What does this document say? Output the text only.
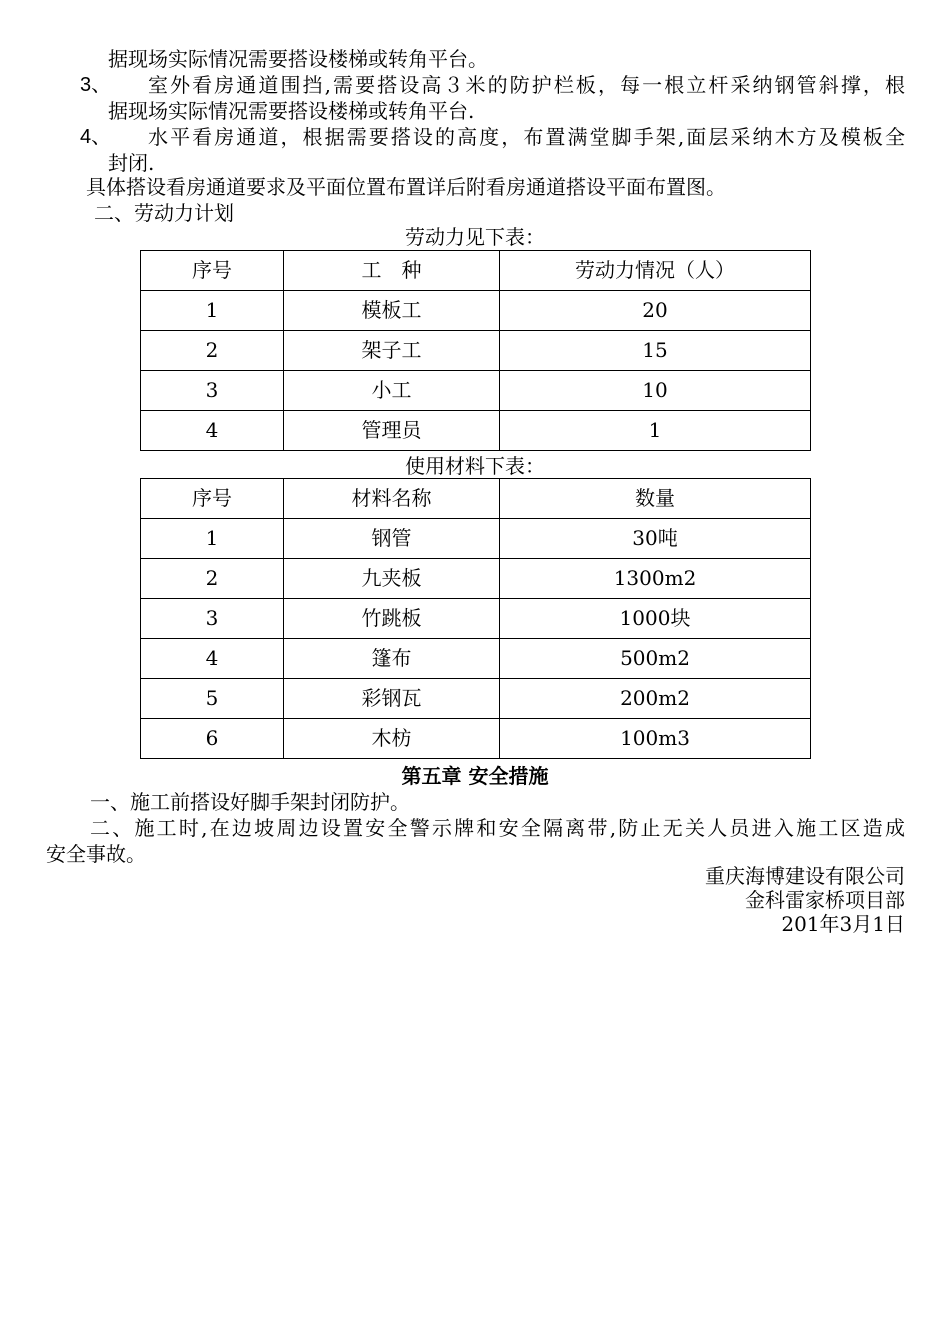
据现场实际情况需要搭设楼梯或转角平台。
3、 室外看房通道围挡,需要搭设高３米的防护栏板，每一根立杆采纳钢管斜撑，根
据现场实际情况需要搭设楼梯或转角平台.
4、 水平看房通道，根据需要搭设的高度，布置满堂脚手架,面层采纳木方及模板全
封闭.
具体搭设看房通道要求及平面位置布置详后附看房通道搭设平面布置图。
二、劳动力计划
劳动力见下表：
序号	工　种	劳动力情况（人）
1	模板工	20
2	架子工	15
3	小工	10
4	管理员	1
使用材料下表：
序号	材料名称	数量
1	钢管	30吨
2	九夹板	1300m2
3	竹跳板	1000块
4	篷布	500m2
5	彩钢瓦	200m2
6	木枋	100m3
第五章 安全措施
一、施工前搭设好脚手架封闭防护。
二、施工时,在边坡周边设置安全警示牌和安全隔离带,防止无关人员进入施工区造成
安全事故。
重庆海博建设有限公司
金科雷家桥项目部
201年3月1日
